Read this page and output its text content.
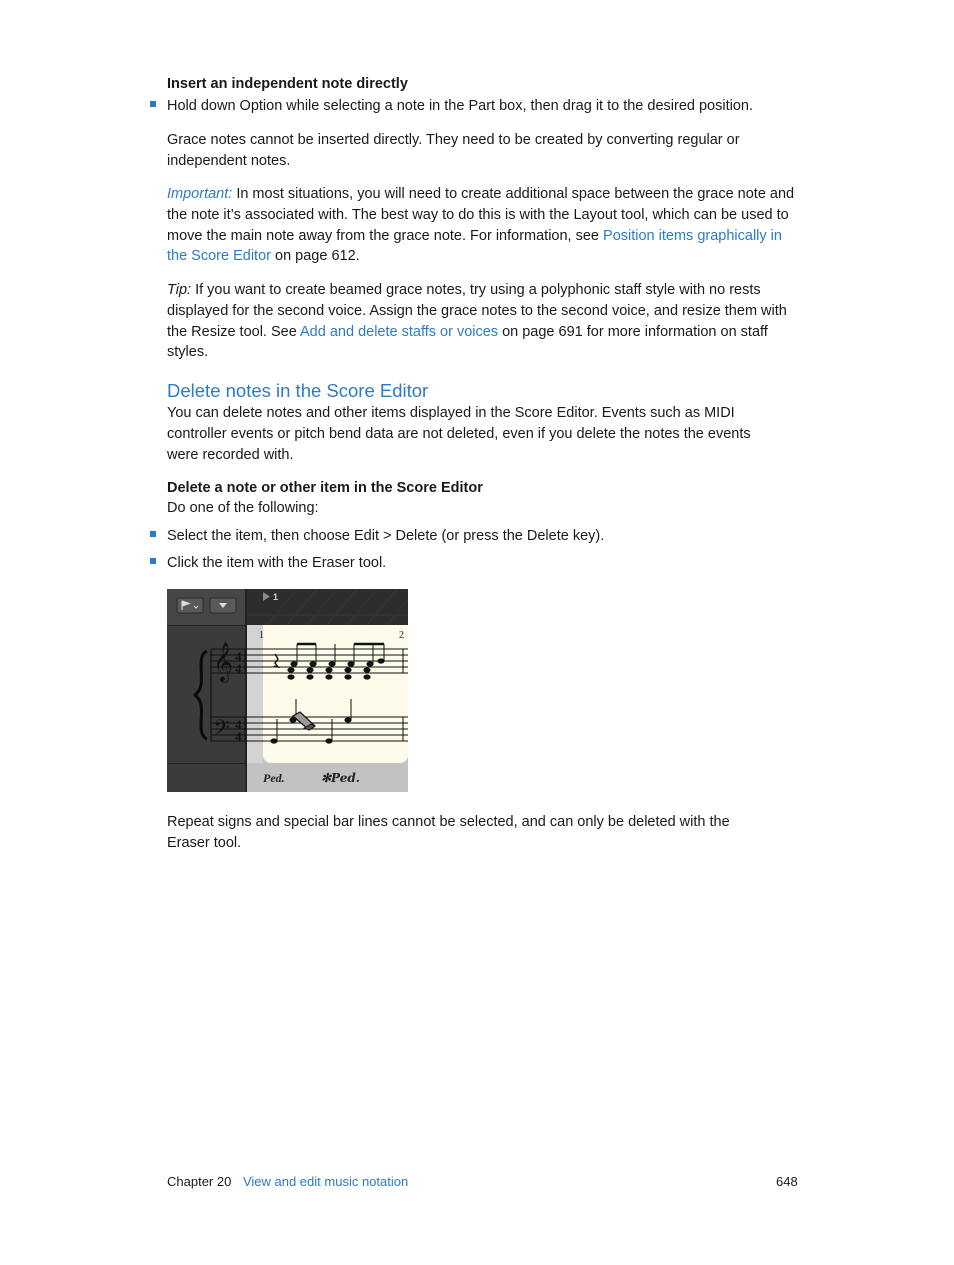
Insert an independent note directly
Hold down Option while selecting a note in the Part box, then drag it to the desired position.
Grace notes cannot be inserted directly. They need to be created by converting regular or independent notes.
Important: In most situations, you will need to create additional space between the grace note and the note it’s associated with. The best way to do this is with the Layout tool, which can be used to move the main note away from the grace note. For information, see Position items graphically in the Score Editor on page 612.
Tip: If you want to create beamed grace notes, try using a polyphonic staff style with no rests displayed for the second voice. Assign the grace notes to the second voice, and resize them with the Resize tool. See Add and delete staffs or voices on page 691 for more information on staff styles.
Delete notes in the Score Editor
You can delete notes and other items displayed in the Score Editor. Events such as MIDI controller events or pitch bend data are not deleted, even if you delete the notes the events were recorded with.
Delete a note or other item in the Score Editor
Do one of the following:
Select the item, then choose Edit > Delete (or press the Delete key).
Click the item with the Eraser tool.
1
1	2
𝄞
𝄢
4
4
4
4
Ped.	✻Ped.
Repeat signs and special bar lines cannot be selected, and can only be deleted with the Eraser tool.
Chapter 20 View and edit music notation	648
